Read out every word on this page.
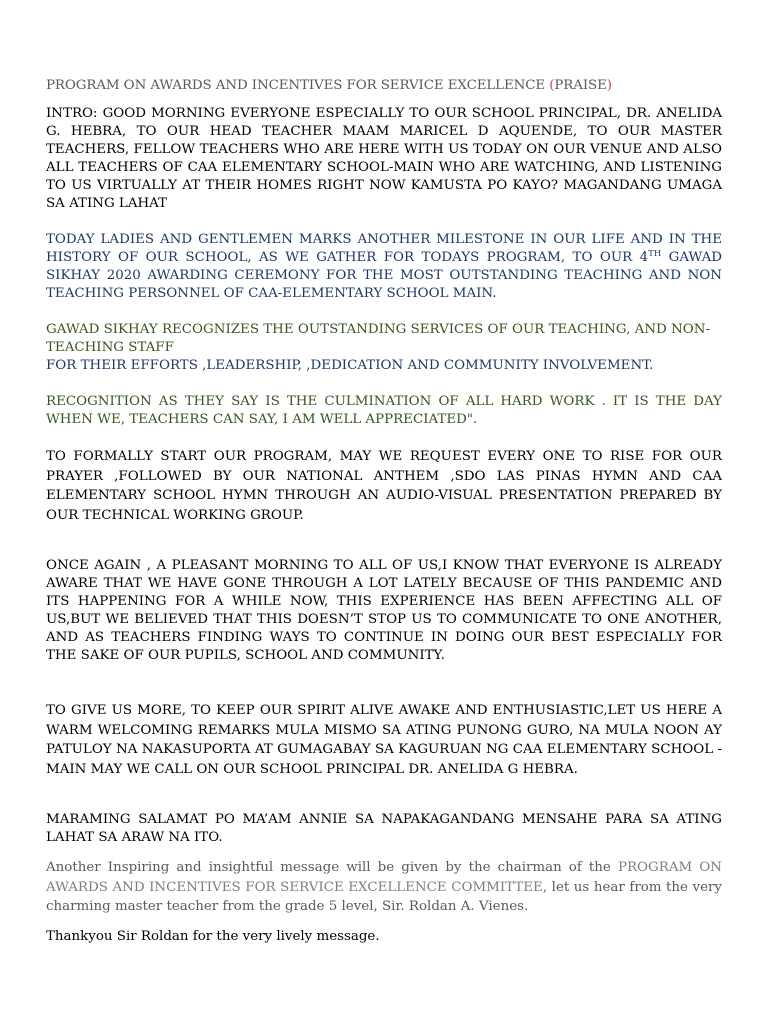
PROGRAM ON AWARDS AND INCENTIVES FOR SERVICE EXCELLENCE (PRAISE)

INTRO: GOOD MORNING EVERYONE ESPECIALLY TO OUR SCHOOL PRINCIPAL, DR. ANELIDA G. HEBRA, TO OUR HEAD TEACHER MAAM MARICEL D AQUENDE, TO OUR MASTER TEACHERS, FELLOW TEACHERS WHO ARE HERE WITH US TODAY ON OUR VENUE AND ALSO ALL TEACHERS OF CAA ELEMENTARY SCHOOL-MAIN WHO ARE WATCHING, AND LISTENING TO US VIRTUALLY AT THEIR HOMES RIGHT NOW KAMUSTA PO KAYO? MAGANDANG UMAGA SA ATING LAHAT

TODAY LADIES AND GENTLEMEN MARKS ANOTHER MILESTONE IN OUR LIFE AND IN THE HISTORY OF OUR SCHOOL, AS WE GATHER FOR TODAYS PROGRAM, TO OUR 4TH GAWAD SIKHAY 2020 AWARDING CEREMONY FOR THE MOST OUTSTANDING TEACHING AND NON TEACHING PERSONNEL OF CAA-ELEMENTARY SCHOOL MAIN.

GAWAD SIKHAY RECOGNIZES THE OUTSTANDING SERVICES OF OUR TEACHING, AND NON-TEACHING STAFF

FOR THEIR EFFORTS ,LEADERSHIP, ,DEDICATION AND COMMUNITY INVOLVEMENT.

RECOGNITION AS THEY SAY IS THE CULMINATION OF ALL HARD WORK . IT IS THE DAY WHEN WE, TEACHERS CAN SAY, I AM WELL APPRECIATED".

TO FORMALLY START OUR PROGRAM, MAY WE REQUEST EVERY ONE TO RISE FOR OUR PRAYER ,FOLLOWED BY OUR NATIONAL ANTHEM ,SDO LAS PINAS HYMN AND CAA ELEMENTARY SCHOOL HYMN THROUGH AN AUDIO-VISUAL PRESENTATION PREPARED BY OUR TECHNICAL WORKING GROUP.

ONCE AGAIN , A PLEASANT MORNING TO ALL OF US,I KNOW THAT EVERYONE IS ALREADY AWARE THAT WE HAVE GONE THROUGH A LOT LATELY BECAUSE OF THIS PANDEMIC AND ITS HAPPENING FOR A WHILE NOW, THIS EXPERIENCE HAS BEEN AFFECTING ALL OF US,BUT WE BELIEVED THAT THIS DOESN’T STOP US TO COMMUNICATE TO ONE ANOTHER, AND AS TEACHERS FINDING WAYS TO CONTINUE IN DOING OUR BEST ESPECIALLY FOR THE SAKE OF OUR PUPILS, SCHOOL AND COMMUNITY.

TO GIVE US MORE, TO KEEP OUR SPIRIT ALIVE AWAKE AND ENTHUSIASTIC,LET US HERE A WARM WELCOMING REMARKS MULA MISMO SA ATING PUNONG GURO, NA MULA NOON AY PATULOY NA NAKASUPORTA AT GUMAGABAY SA KAGURUAN NG CAA ELEMENTARY SCHOOL -MAIN MAY WE CALL ON OUR SCHOOL PRINCIPAL DR. ANELIDA G HEBRA.

MARAMING SALAMAT PO MA’AM ANNIE SA NAPAKAGANDANG MENSAHE PARA SA ATING LAHAT SA ARAW NA ITO.

Another Inspiring and insightful message will be given by the chairman of the PROGRAM ON AWARDS AND INCENTIVES FOR SERVICE EXCELLENCE COMMITTEE, let us hear from the very charming master teacher from the grade 5 level, Sir. Roldan A. Vienes.

Thankyou Sir Roldan for the very lively message.
